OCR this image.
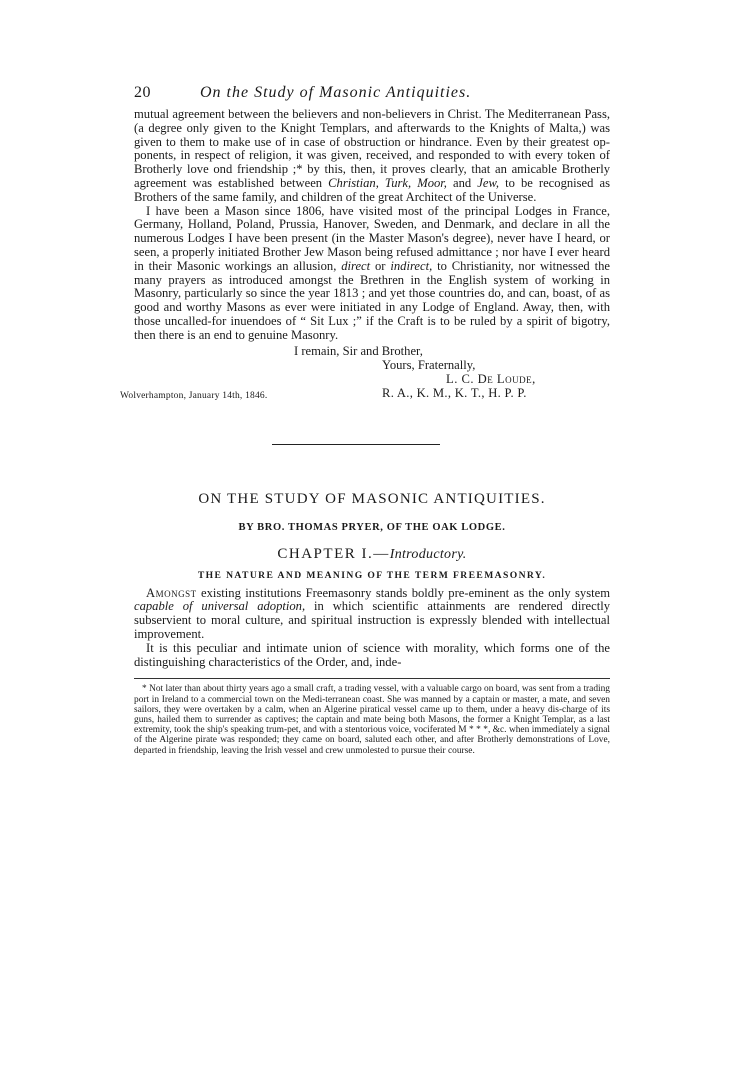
20	On the Study of Masonic Antiquities.

mutual agreement between the believers and non-believers in Christ. The Mediterranean Pass, (a degree only given to the Knight Templars, and afterwards to the Knights of Malta,) was given to them to make use of in case of obstruction or hindrance. Even by their greatest op-ponents, in respect of religion, it was given, received, and responded to with every token of Brotherly love ond friendship ;* by this, then, it proves clearly, that an amicable Brotherly agreement was established between Christian, Turk, Moor, and Jew, to be recognised as Brothers of the same family, and children of the great Architect of the Universe.

I have been a Mason since 1806, have visited most of the principal Lodges in France, Germany, Holland, Poland, Prussia, Hanover, Sweden, and Denmark, and declare in all the numerous Lodges I have been present (in the Master Mason's degree), never have I heard, or seen, a properly initiated Brother Jew Mason being refused admittance ; nor have I ever heard in their Masonic workings an allusion, direct or indirect, to Christianity, nor witnessed the many prayers as introduced amongst the Brethren in the English system of working in Masonry, particularly so since the year 1813 ; and yet those countries do, and can, boast, of as good and worthy Masons as ever were initiated in any Lodge of England. Away, then, with those uncalled-for inuendoes of “ Sit Lux ;” if the Craft is to be ruled by a spirit of bigotry, then there is an end to genuine Masonry.

I remain, Sir and Brother,
Yours, Fraternally,
L. C. De Loude,
R. A., K. M., K. T., H. P. P.
Wolverhampton, January 14th, 1846.
ON THE STUDY OF MASONIC ANTIQUITIES.
BY BRO. THOMAS PRYER, OF THE OAK LODGE.
CHAPTER I.—Introductory.
THE NATURE AND MEANING OF THE TERM FREEMASONRY.

Amongst existing institutions Freemasonry stands boldly pre-eminent as the only system capable of universal adoption, in which scientific attainments are rendered directly subservient to moral culture, and spiritual instruction is expressly blended with intellectual improvement.

It is this peculiar and intimate union of science with morality, which forms one of the distinguishing characteristics of the Order, and, inde-

* Not later than about thirty years ago a small craft, a trading vessel, with a valuable cargo on board, was sent from a trading port in Ireland to a commercial town on the Medi-terranean coast. She was manned by a captain or master, a mate, and seven sailors, they were overtaken by a calm, when an Algerine piratical vessel came up to them, under a heavy dis-charge of its guns, hailed them to surrender as captives; the captain and mate being both Masons, the former a Knight Templar, as a last extremity, took the ship's speaking trum-pet, and with a stentorious voice, vociferated M * * *, &c. when immediately a signal of the Algerine pirate was responded; they came on board, saluted each other, and after Brotherly demonstrations of Love, departed in friendship, leaving the Irish vessel and crew unmolested to pursue their course.
